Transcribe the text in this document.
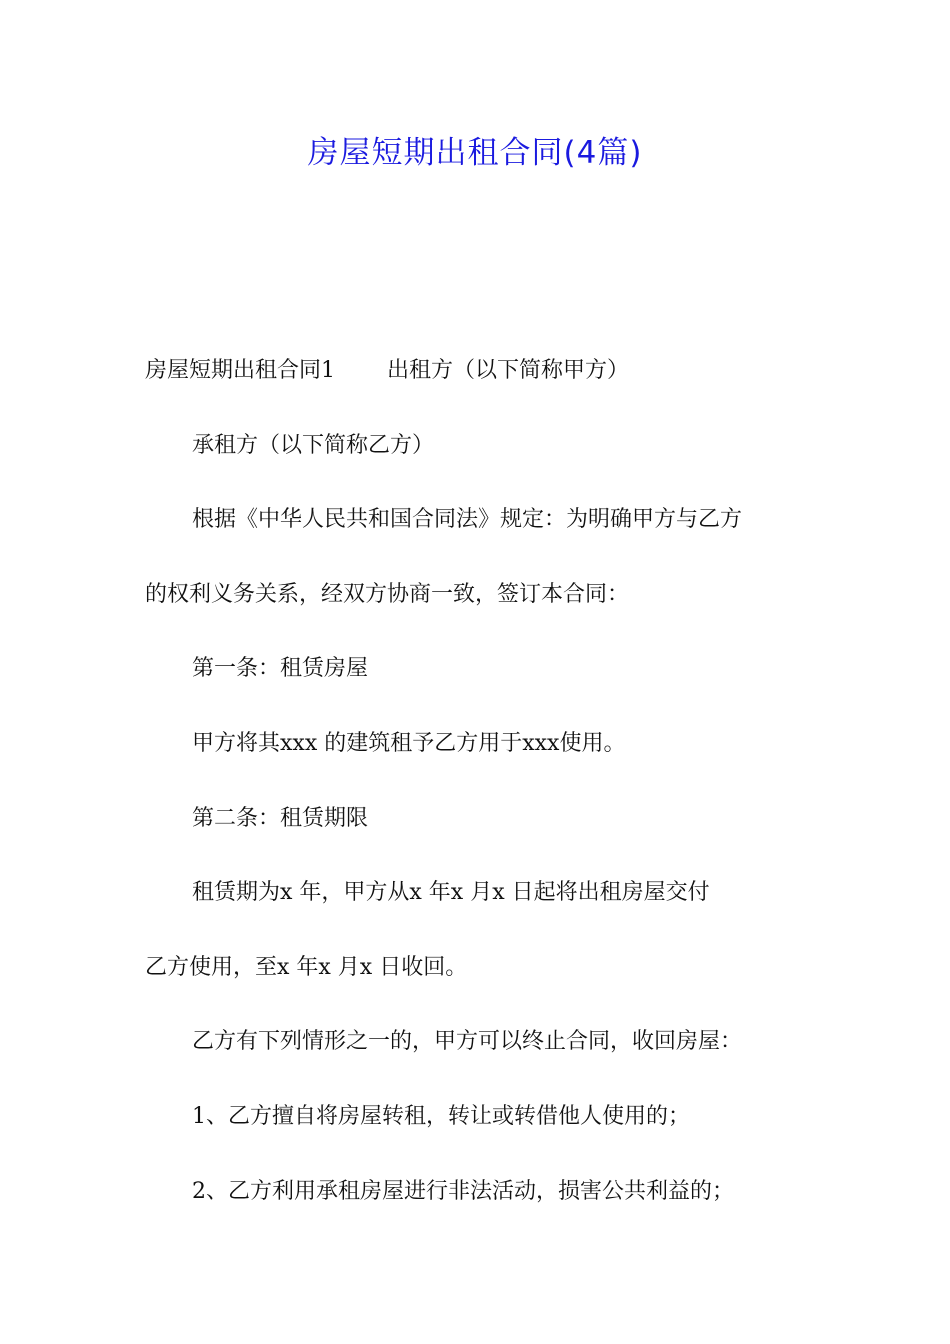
房屋短期出租合同(4篇)

房屋短期出租合同1 出租方（以下简称甲方）

承租方（以下简称乙方）

根据《中华人民共和国合同法》规定：为明确甲方与乙方

的权利义务关系，经双方协商一致，签订本合同：

第一条：租赁房屋

甲方将其xxx 的建筑租予乙方用于xxx使用。

第二条：租赁期限

租赁期为x 年，甲方从x 年x 月x 日起将出租房屋交付

乙方使用，至x 年x 月x 日收回。

乙方有下列情形之一的，甲方可以终止合同，收回房屋：

1、乙方擅自将房屋转租，转让或转借他人使用的；

2、乙方利用承租房屋进行非法活动，损害公共利益的；
